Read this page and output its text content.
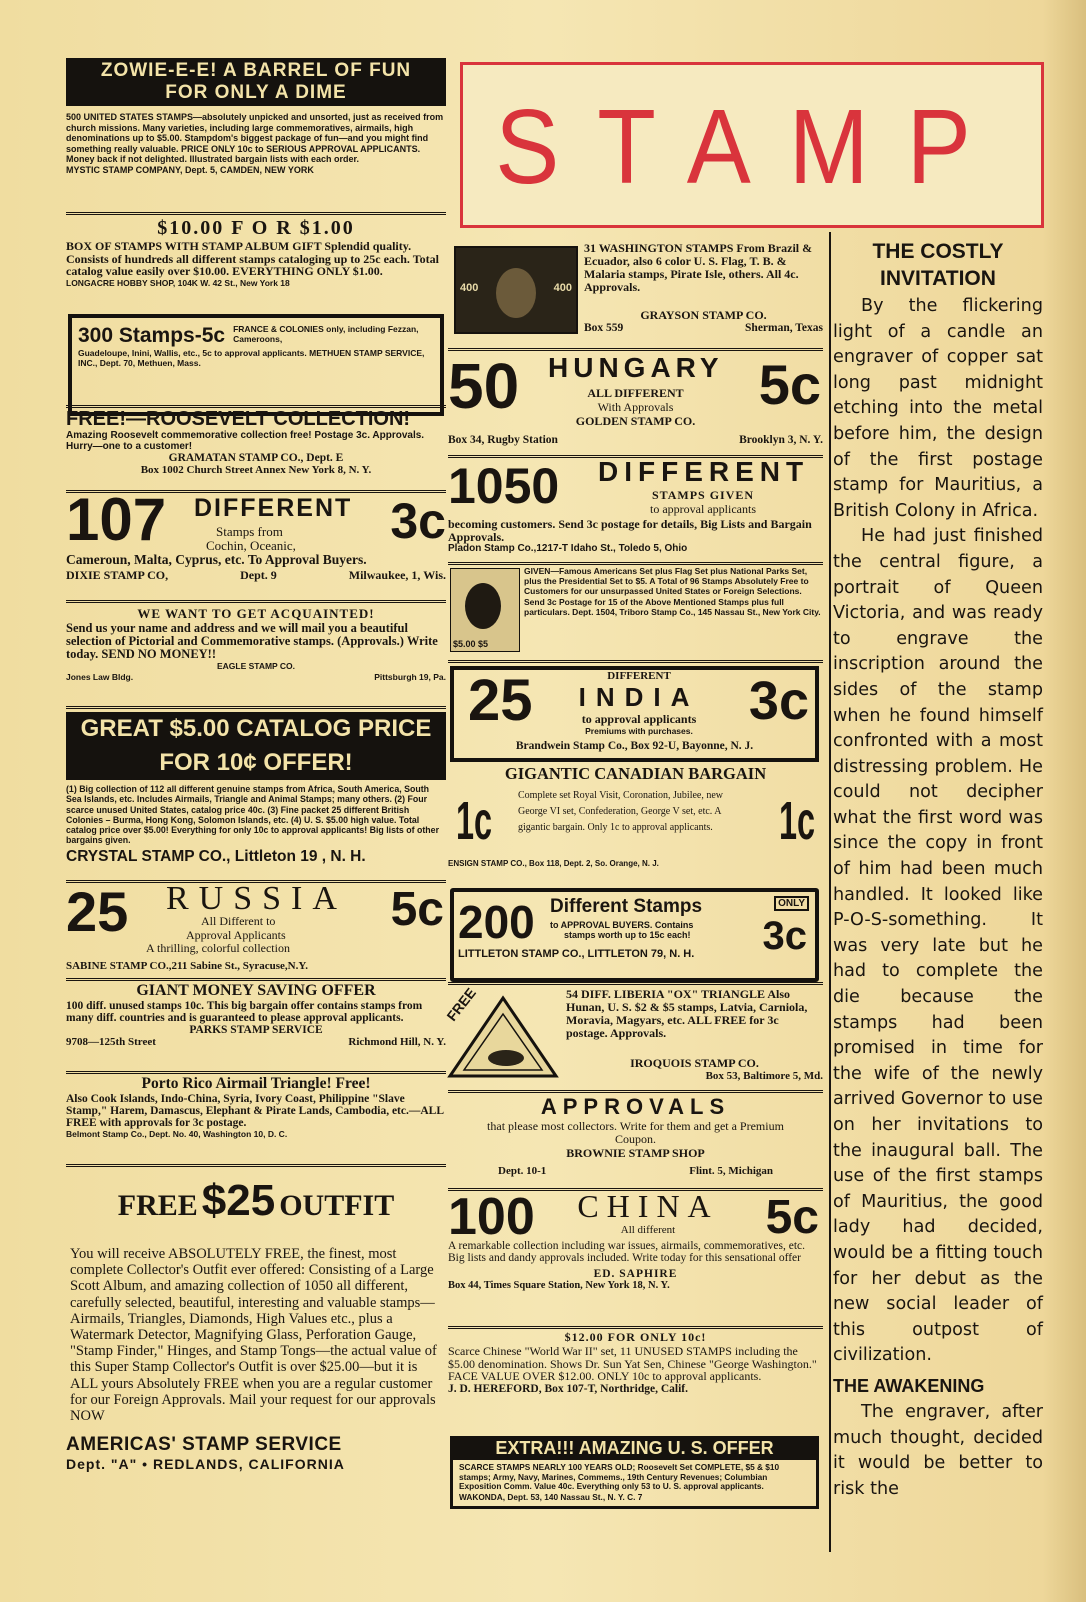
STAMP
ZOWIE-E-E! A BARREL OF FUN
FOR ONLY A DIME
500 UNITED STATES STAMPS—absolutely unpicked and unsorted, just as received from church missions. Many varieties, including large commemoratives, airmails, high denominations up to $5.00. Stampdom's biggest package of fun—and you might find something really valuable. PRICE ONLY 10c to SERIOUS APPROVAL APPLICANTS. Money back if not delighted. Illustrated bargain lists with each order.
MYSTIC STAMP COMPANY, Dept. 5, CAMDEN, NEW YORK
$10.00 F O R $1.00
BOX OF STAMPS WITH STAMP ALBUM GIFT Splendid quality. Consists of hundreds all different stamps cataloging up to 25c each. Total catalog value easily over $10.00. EVERYTHING ONLY $1.00.
LONGACRE HOBBY SHOP, 104K W. 42 St., New York 18
300 Stamps-5c FRANCE & COLONIES only, including Fezzan, Cameroons,
Guadeloupe, Inini, Wallis, etc., 5c to approval applicants. METHUEN STAMP SERVICE, INC., Dept. 70, Methuen, Mass.
FREE!—ROOSEVELT COLLECTION!
Amazing Roosevelt commemorative collection free! Postage 3c. Approvals. Hurry—one to a customer!
GRAMATAN STAMP CO., Dept. E
Box 1002 Church Street Annex New York 8, N. Y.
107 DIFFERENT
Stamps from
Cochin, Oceanic, 3c
Cameroun, Malta, Cyprus, etc. To Approval Buyers.
DIXIE STAMP CO,	Dept. 9	Milwaukee, 1, Wis.
WE WANT TO GET ACQUAINTED!
Send us your name and address and we will mail you a beautiful selection of Pictorial and Commemorative stamps. (Approvals.) Write today. SEND NO MONEY!!
EAGLE STAMP CO.
Jones Law Bldg.	Pittsburgh 19, Pa.
GREAT $5.00 CATALOG PRICE FOR 10¢ OFFER!
(1) Big collection of 112 all different genuine stamps from Africa, South America, South Sea Islands, etc. Includes Airmails, Triangle and Animal Stamps; many others. (2) Four scarce unused United States, catalog price 40c. (3) Fine packet 25 different British Colonies – Burma, Hong Kong, Solomon Islands, etc. (4) U. S. $5.00 high value. Total catalog price over $5.00! Everything for only 10c to approval applicants! Big lists of other bargains given.
CRYSTAL STAMP CO., Littleton 19 , N. H.
25 RUSSIA
All Different to
Approval Applicants
A thrilling, colorful collection
5c
SABINE STAMP CO.,211 Sabine St., Syracuse,N.Y.
GIANT MONEY SAVING OFFER
100 diff. unused stamps 10c. This big bargain offer contains stamps from many diff. countries and is guaranteed to please approval applicants.
PARKS STAMP SERVICE
9708—125th Street	Richmond Hill, N. Y.
Porto Rico Airmail Triangle! Free!
Also Cook Islands, Indo-China, Syria, Ivory Coast, Philippine "Slave Stamp," Harem, Damascus, Elephant & Pirate Lands, Cambodia, etc.—ALL FREE with approvals for 3c postage.
Belmont Stamp Co., Dept. No. 40, Washington 10, D. C.
FREE $25 OUTFIT
You will receive ABSOLUTELY FREE, the finest, most complete Collector's Outfit ever offered: Consisting of a Large Scott Album, and amazing collection of 1050 all different, carefully selected, beautiful, interesting and valuable stamps—Airmails, Triangles, Diamonds, High Values etc., plus a Watermark Detector, Magnifying Glass, Perforation Gauge, "Stamp Finder," Hinges, and Stamp Tongs—the actual value of this Super Stamp Collector's Outfit is over $25.00—but it is ALL yours Absolutely FREE when you are a regular customer for our Foreign Approvals. Mail your request for our approvals NOW
AMERICAS' STAMP SERVICE
Dept. "A" • REDLANDS, CALIFORNIA
400	400
31 WASHINGTON STAMPS From Brazil & Ecuador, also 6 color U. S. Flag, T. B. & Malaria stamps, Pirate Isle, others. All 4c. Approvals.
GRAYSON STAMP CO.
Box 559	Sherman, Texas
50 HUNGARY
ALL DIFFERENT
With Approvals
GOLDEN STAMP CO.
5c
Box 34, Rugby Station	Brooklyn 3, N. Y.
1050 DIFFERENT
STAMPS GIVEN
to approval applicants
becoming customers. Send 3c postage for details, Big Lists and Bargain Approvals.
Pladon Stamp Co.,1217-T Idaho St., Toledo 5, Ohio
$5.00 $5
GIVEN—Famous Americans Set plus Flag Set plus National Parks Set, plus the Presidential Set to $5. A Total of 96 Stamps Absolutely Free to Customers for our unsurpassed United States or Foreign Selections. Send 3c Postage for 15 of the Above Mentioned Stamps plus full particulars. Dept. 1504, Triboro Stamp Co., 145 Nassau St., New York City.
25	DIFFERENT
INDIA
to approval applicants
Premiums with purchases.	3c
Brandwein Stamp Co., Box 92-U, Bayonne, N. J.
GIGANTIC CANADIAN BARGAIN
1c	Complete set Royal Visit, Coronation, Jubilee, new George VI set, Confederation, George V set, etc. A gigantic bargain. Only 1c to approval applicants.	1c
ENSIGN STAMP CO., Box 118, Dept. 2, So. Orange, N. J.
200 Different Stamps	ONLY
to APPROVAL BUYERS. Contains
stamps worth up to 15c each! 3c
LITTLETON STAMP CO., LITTLETON 79, N. H.
FREE	54 DIFF. LIBERIA "OX" TRIANGLE Also Hunan, U. S. $2 & $5 stamps, Latvia, Carniola, Moravia, Magyars, etc. ALL FREE for 3c postage. Approvals.
IROQUOIS STAMP CO.
Box 53, Baltimore 5, Md.
APPROVALS
that please most collectors. Write for them and get a Premium Coupon.
BROWNIE STAMP SHOP
Dept. 10-1	Flint. 5, Michigan
100	CHINA
All different	5c
A remarkable collection including war issues, airmails, commemoratives, etc. Big lists and dandy approvals included. Write today for this sensational offer
ED. SAPHIRE
Box 44, Times Square Station, New York 18, N. Y.
$12.00 FOR ONLY 10c!
Scarce Chinese "World War II" set, 11 UNUSED STAMPS including the $5.00 denomination. Shows Dr. Sun Yat Sen, Chinese "George Washington." FACE VALUE OVER $12.00. ONLY 10c to approval applicants.
J. D. HEREFORD, Box 107-T, Northridge, Calif.
EXTRA!!! AMAZING U. S. OFFER
SCARCE STAMPS NEARLY 100 YEARS OLD; Roosevelt Set COMPLETE, $5 & $10 stamps; Army, Navy, Marines, Commems., 19th Century Revenues; Columbian Exposition Comm. Value 40c. Everything only 53 to U. S. approval applicants.
WAKONDA, Dept. 53, 140 Nassau St., N. Y. C. 7
THE COSTLY INVITATION
By the flickering light of a candle an engraver of copper sat long past midnight etching into the metal before him, the design of the first postage stamp for Mauritius, a British Colony in Africa.
He had just finished the central figure, a portrait of Queen Victoria, and was ready to engrave the inscription around the sides of the stamp when he found himself confronted with a most distressing problem. He could not decipher what the first word was since the copy in front of him had been much handled. It looked like P-O-S-something. It was very late but he had to complete the die because the stamps had been promised in time for the wife of the newly arrived Governor to use on her invitations to the inaugural ball. The use of the first stamps of Mauritius, the good lady had decided, would be a fitting touch for her debut as the new social leader of this outpost of civilization.
THE AWAKENING
The engraver, after much thought, decided it would be better to risk the
